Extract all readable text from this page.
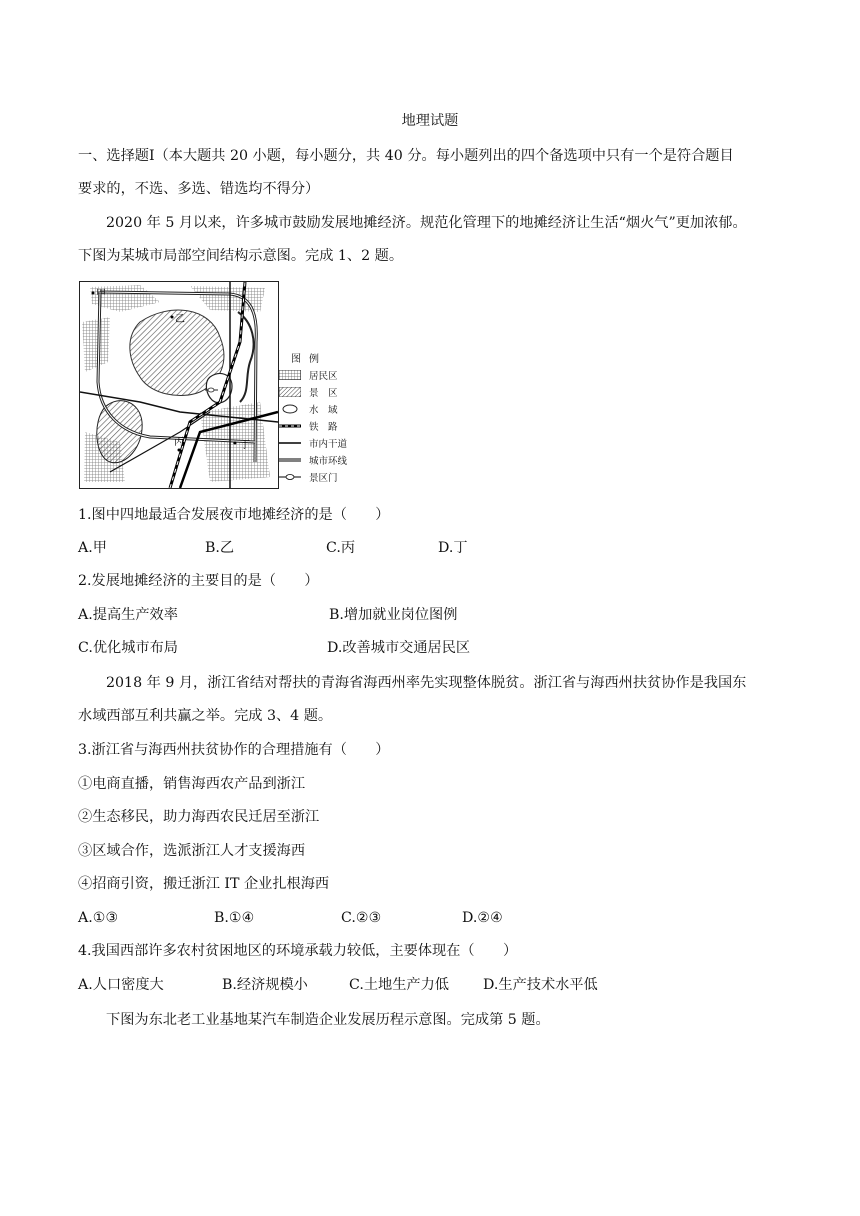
地理试题
一、选择题Ⅰ（本大题共 20 小题，每小题分，共 40 分。每小题列出的四个备选项中只有一个是符合题目
要求的，不选、多选、错选均不得分）
2020 年 5 月以来，许多城市鼓励发展地摊经济。规范化管理下的地摊经济让生活“烟火气”更加浓郁。
下图为某城市局部空间结构示意图。完成 1、2 题。
甲
乙
丙	丁
图例
居民区
景　区
水　域
铁　路
市内干道
城市环线
景区门
1.图中四地最适合发展夜市地摊经济的是（　　）
A.甲	B.乙	C.丙	D.丁
2.发展地摊经济的主要目的是（　　）
A.提高生产效率	B.增加就业岗位图例
C.优化城市布局	D.改善城市交通居民区
2018 年 9 月，浙江省结对帮扶的青海省海西州率先实现整体脱贫。浙江省与海西州扶贫协作是我国东
水域西部互利共赢之举。完成 3、4 题。
3.浙江省与海西州扶贫协作的合理措施有（　　）
①电商直播，销售海西农产品到浙江
②生态移民，助力海西农民迁居至浙江
③区域合作，选派浙江人才支援海西
④招商引资，搬迁浙江 IT 企业扎根海西
A.①③	B.①④	C.②③	D.②④
4.我国西部许多农村贫困地区的环境承载力较低，主要体现在（　　）
A.人口密度大	B.经济规模小	C.土地生产力低 D.生产技术水平低
下图为东北老工业基地某汽车制造企业发展历程示意图。完成第 5 题。
